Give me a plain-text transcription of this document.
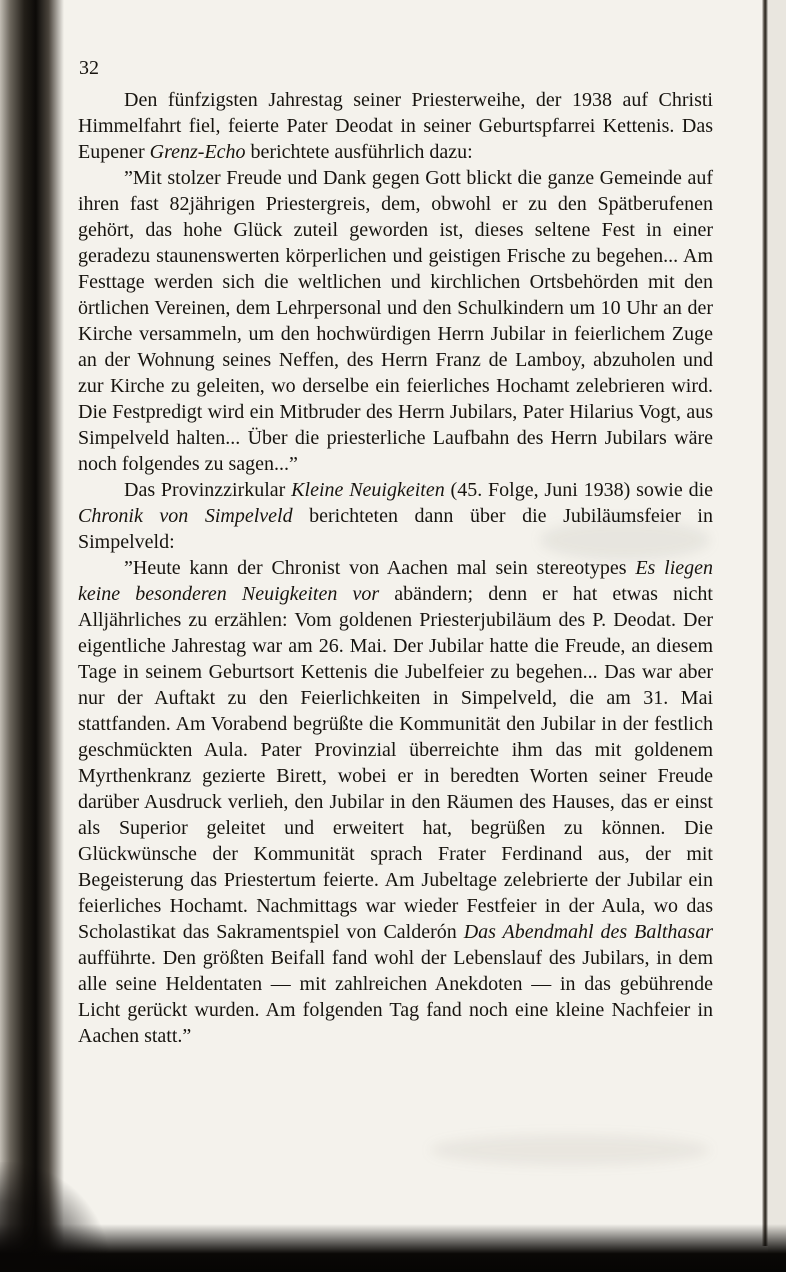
32

Den fünfzigsten Jahrestag seiner Priesterweihe, der 1938 auf Christi Himmelfahrt fiel, feierte Pater Deodat in seiner Geburtspfarrei Kettenis. Das Eupener Grenz-Echo berichtete ausführlich dazu:

”Mit stolzer Freude und Dank gegen Gott blickt die ganze Gemeinde auf ihren fast 82jährigen Priestergreis, dem, obwohl er zu den Spätberufenen gehört, das hohe Glück zuteil geworden ist, dieses seltene Fest in einer geradezu staunenswerten körperlichen und geistigen Frische zu begehen... Am Festtage werden sich die weltlichen und kirchlichen Ortsbehörden mit den örtlichen Vereinen, dem Lehrpersonal und den Schulkindern um 10 Uhr an der Kirche versammeln, um den hochwürdigen Herrn Jubilar in feierlichem Zuge an der Wohnung seines Neffen, des Herrn Franz de Lamboy, abzuholen und zur Kirche zu geleiten, wo derselbe ein feierliches Hochamt zelebrieren wird. Die Festpredigt wird ein Mitbruder des Herrn Jubilars, Pater Hilarius Vogt, aus Simpelveld halten... Über die priesterliche Laufbahn des Herrn Jubilars wäre noch folgendes zu sagen...”

Das Provinzzirkular Kleine Neuigkeiten (45. Folge, Juni 1938) sowie die Chronik von Simpelveld berichteten dann über die Jubiläumsfeier in Simpelveld:

”Heute kann der Chronist von Aachen mal sein stereotypes Es liegen keine besonderen Neuigkeiten vor abändern; denn er hat etwas nicht Alljährliches zu erzählen: Vom goldenen Priesterjubiläum des P. Deodat. Der eigentliche Jahrestag war am 26. Mai. Der Jubilar hatte die Freude, an diesem Tage in seinem Geburtsort Kettenis die Jubelfeier zu begehen... Das war aber nur der Auftakt zu den Feierlichkeiten in Simpelveld, die am 31. Mai stattfanden. Am Vorabend begrüßte die Kommunität den Jubilar in der festlich geschmückten Aula. Pater Provinzial überreichte ihm das mit goldenem Myrthenkranz gezierte Birett, wobei er in beredten Worten seiner Freude darüber Ausdruck verlieh, den Jubilar in den Räumen des Hauses, das er einst als Superior geleitet und erweitert hat, begrüßen zu können. Die Glückwünsche der Kommunität sprach Frater Ferdinand aus, der mit Begeisterung das Priestertum feierte. Am Jubeltage zelebrierte der Jubilar ein feierliches Hochamt. Nachmittags war wieder Festfeier in der Aula, wo das Scholastikat das Sakramentspiel von Calderón Das Abendmahl des Balthasar aufführte. Den größten Beifall fand wohl der Lebenslauf des Jubilars, in dem alle seine Heldentaten — mit zahlreichen Anekdoten — in das gebührende Licht gerückt wurden. Am folgenden Tag fand noch eine kleine Nachfeier in Aachen statt.”
